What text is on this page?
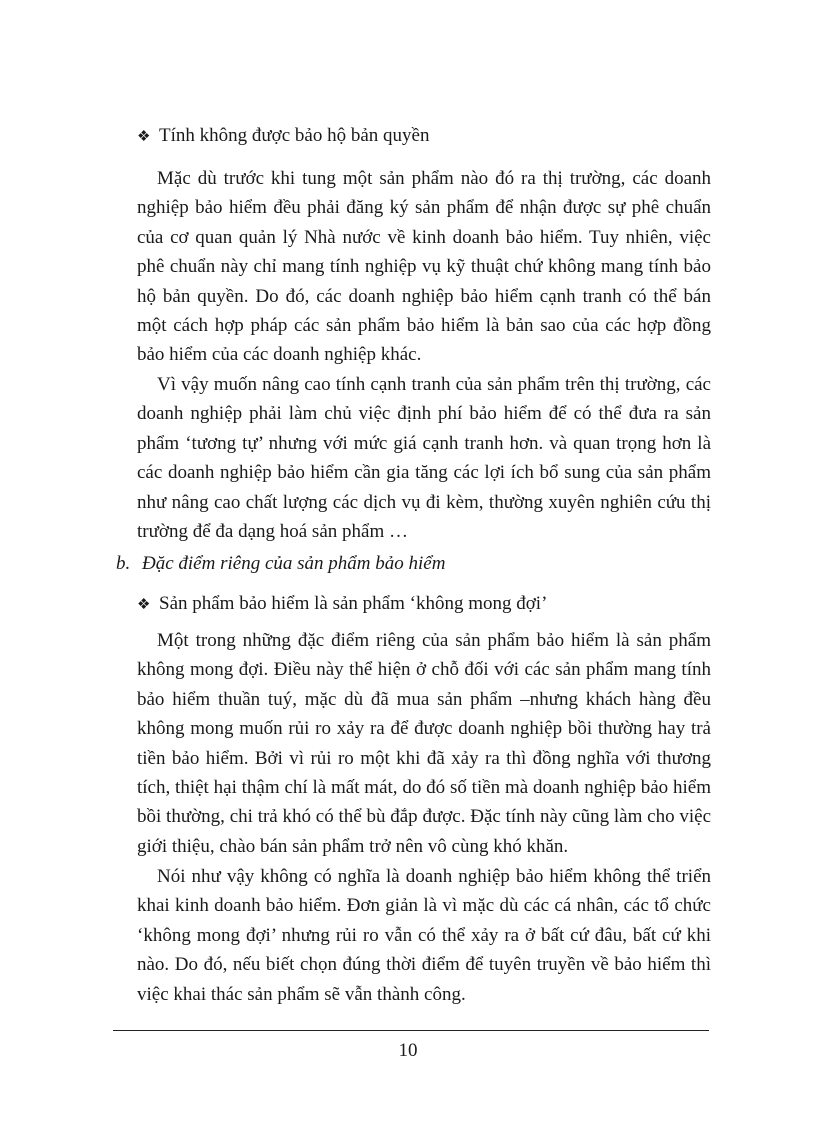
❖ Tính không được bảo hộ bản quyền

Mặc dù trước khi tung một sản phẩm nào đó ra thị trường, các doanh nghiệp bảo hiểm đều phải đăng ký sản phẩm để nhận được sự phê chuẩn của cơ quan quản lý Nhà nước về kinh doanh bảo hiểm. Tuy nhiên, việc phê chuẩn này chỉ mang tính nghiệp vụ kỹ thuật chứ không mang tính bảo hộ bản quyền. Do đó, các doanh nghiệp bảo hiểm cạnh tranh có thể bán một cách hợp pháp các sản phẩm bảo hiểm là bản sao của các hợp đồng bảo hiểm của các doanh nghiệp khác.

Vì vậy muốn nâng cao tính cạnh tranh của sản phẩm trên thị trường, các doanh nghiệp phải làm chủ việc định phí bảo hiểm để có thể đưa ra sản phẩm ‘tương tự’ nhưng với mức giá cạnh tranh hơn. và quan trọng hơn là các doanh nghiệp bảo hiểm cần gia tăng các lợi ích bổ sung của sản phẩm như nâng cao chất lượng các dịch vụ đi kèm, thường xuyên nghiên cứu thị trường để đa dạng hoá sản phẩm …

b. Đặc điểm riêng của sản phẩm bảo hiểm
❖ Sản phẩm bảo hiểm là sản phẩm ‘không mong đợi’

Một trong những đặc điểm riêng của sản phẩm bảo hiểm là sản phẩm không mong đợi. Điều này thể hiện ở chỗ đối với các sản phẩm mang tính bảo hiểm thuần tuý, mặc dù đã mua sản phẩm –nhưng khách hàng đều không mong muốn rủi ro xảy ra để được doanh nghiệp bồi thường hay trả tiền bảo hiểm. Bởi vì rủi ro một khi đã xảy ra thì đồng nghĩa với thương tích, thiệt hại thậm chí là mất mát, do đó số tiền mà doanh nghiệp bảo hiểm bồi thường, chi trả khó có thể bù đắp được. Đặc tính này cũng làm cho việc giới thiệu, chào bán sản phẩm trở nên vô cùng khó khăn.

Nói như vậy không có nghĩa là doanh nghiệp bảo hiểm không thể triển khai kinh doanh bảo hiểm. Đơn giản là vì mặc dù các cá nhân, các tổ chức ‘không mong đợi’ nhưng rủi ro vẫn có thể xảy ra ở bất cứ đâu, bất cứ khi nào. Do đó, nếu biết chọn đúng thời điểm để tuyên truyền về bảo hiểm thì việc khai thác sản phẩm sẽ vẫn thành công.

10
